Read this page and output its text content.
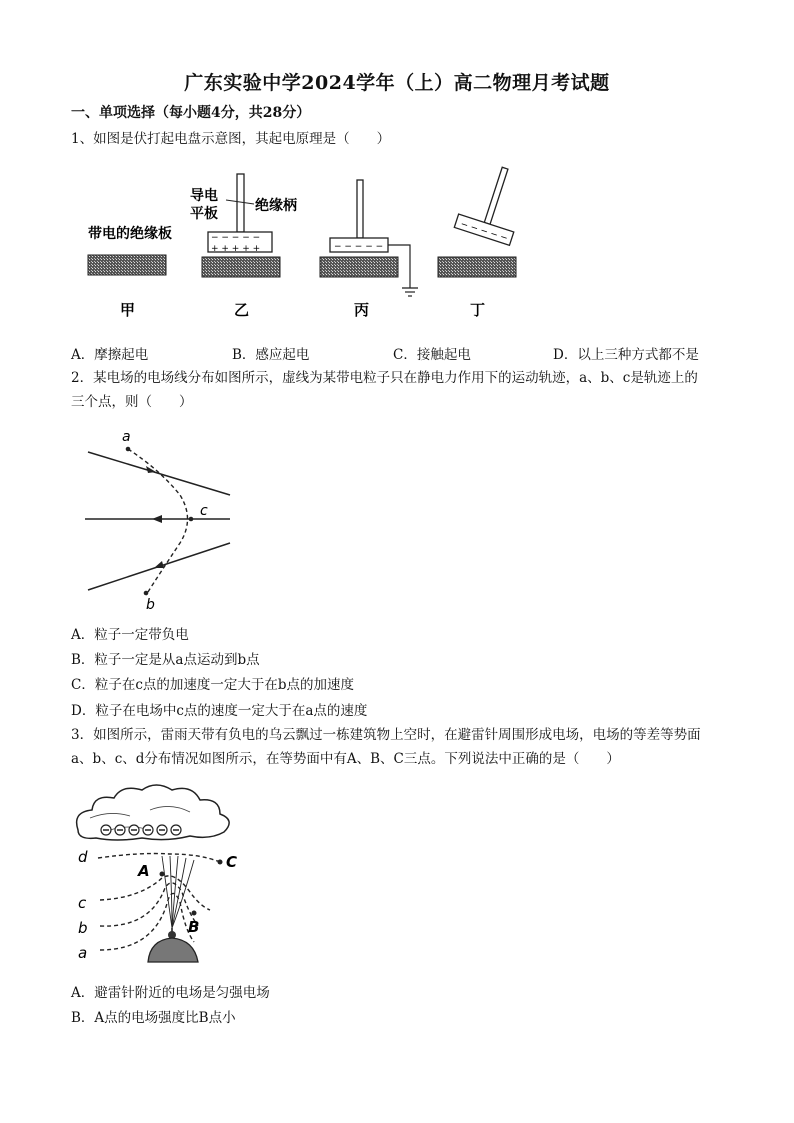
广东实验中学2024学年（上）高二物理月考试题
一、单项选择（每小题4分，共28分）
1、如图是伏打起电盘示意图，其起电原理是（　　）
带电的绝缘板
甲
导电
平板	绝缘柄
− − − − −
+ + + + +
乙
− − − − −
丙
− − − − −
丁
A．摩擦起电	B．感应起电	C．接触起电	D．以上三种方式都不是
2．某电场的电场线分布如图所示，虚线为某带电粒子只在静电力作用下的运动轨迹，a、b、c是轨迹上的
三个点，则（　　）
a
c
b
A．粒子一定带负电
B．粒子一定是从a点运动到b点
C．粒子在c点的加速度一定大于在b点的加速度
D．粒子在电场中c点的速度一定大于在a点的速度
3．如图所示，雷雨天带有负电的乌云飘过一栋建筑物上空时，在避雷针周围形成电场，电场的等差等势面
a、b、c、d分布情况如图所示，在等势面中有A、B、C三点。下列说法中正确的是（　　）
d
c
b
a
A
B
C
A．避雷针附近的电场是匀强电场
B．A点的电场强度比B点小
